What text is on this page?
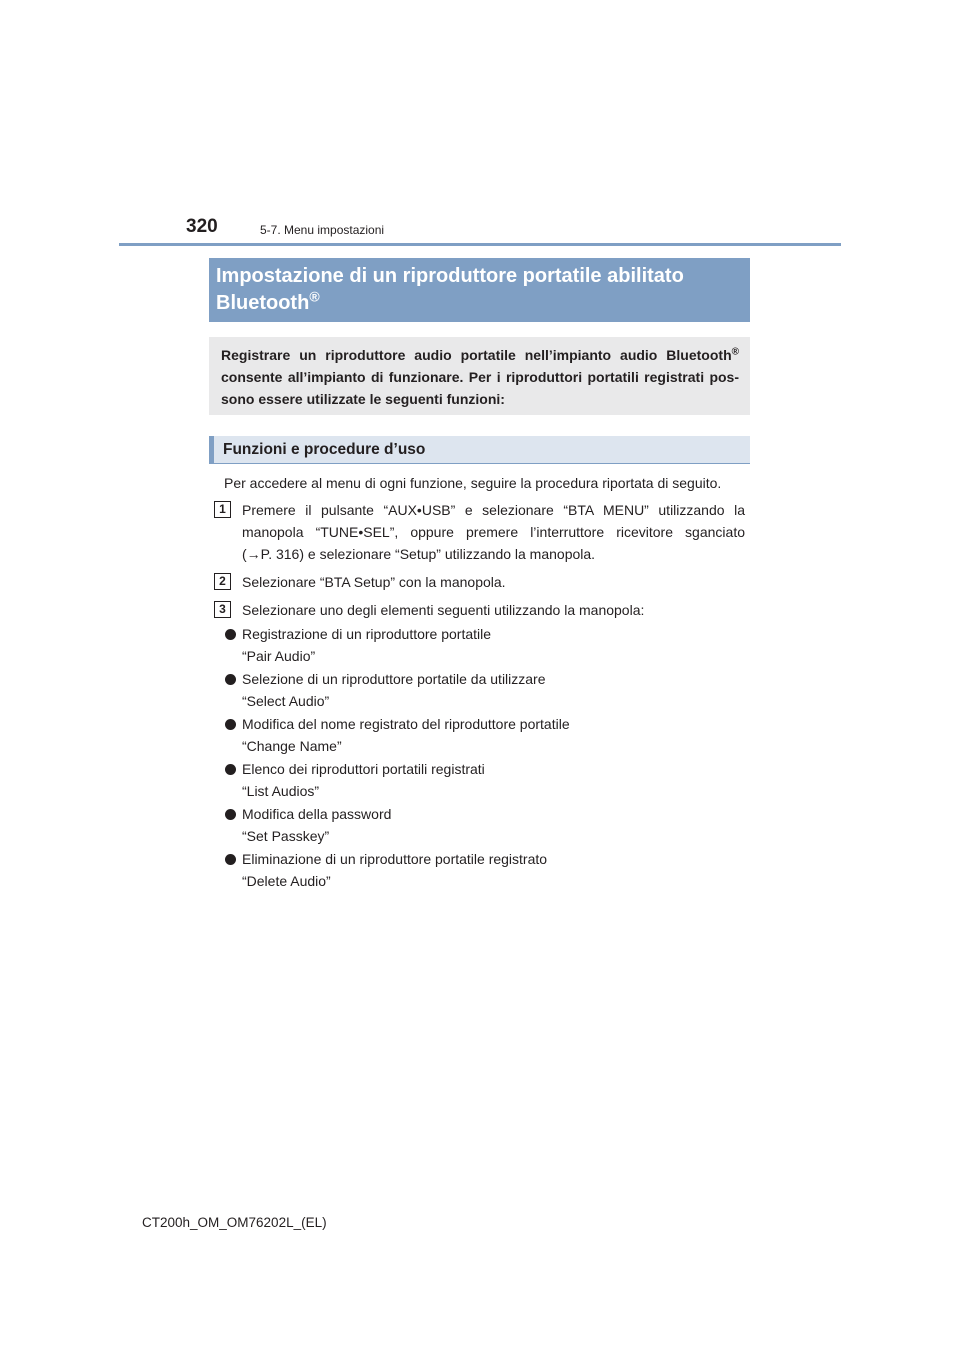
320	5-7. Menu impostazioni
Impostazione di un riproduttore portatile abilitato
Bluetooth®
Registrare un riproduttore audio portatile nell’impianto audio Bluetooth®
consente all’impianto di funzionare. Per i riproduttori portatili registrati pos-
sono essere utilizzate le seguenti funzioni:
Funzioni e procedure d’uso
Per accedere al menu di ogni funzione, seguire la procedura riportata di seguito.
1	Premere il pulsante “AUX•USB” e selezionare “BTA MENU” utilizzando la
manopola “TUNE•SEL”, oppure premere l’interruttore ricevitore sganciato
(→P. 316) e selezionare “Setup” utilizzando la manopola.
2	Selezionare “BTA Setup” con la manopola.
3	Selezionare uno degli elementi seguenti utilizzando la manopola:
Registrazione di un riproduttore portatile
“Pair Audio”
Selezione di un riproduttore portatile da utilizzare
“Select Audio”
Modifica del nome registrato del riproduttore portatile
“Change Name”
Elenco dei riproduttori portatili registrati
“List Audios”
Modifica della password
“Set Passkey”
Eliminazione di un riproduttore portatile registrato
“Delete Audio”
CT200h_OM_OM76202L_(EL)
